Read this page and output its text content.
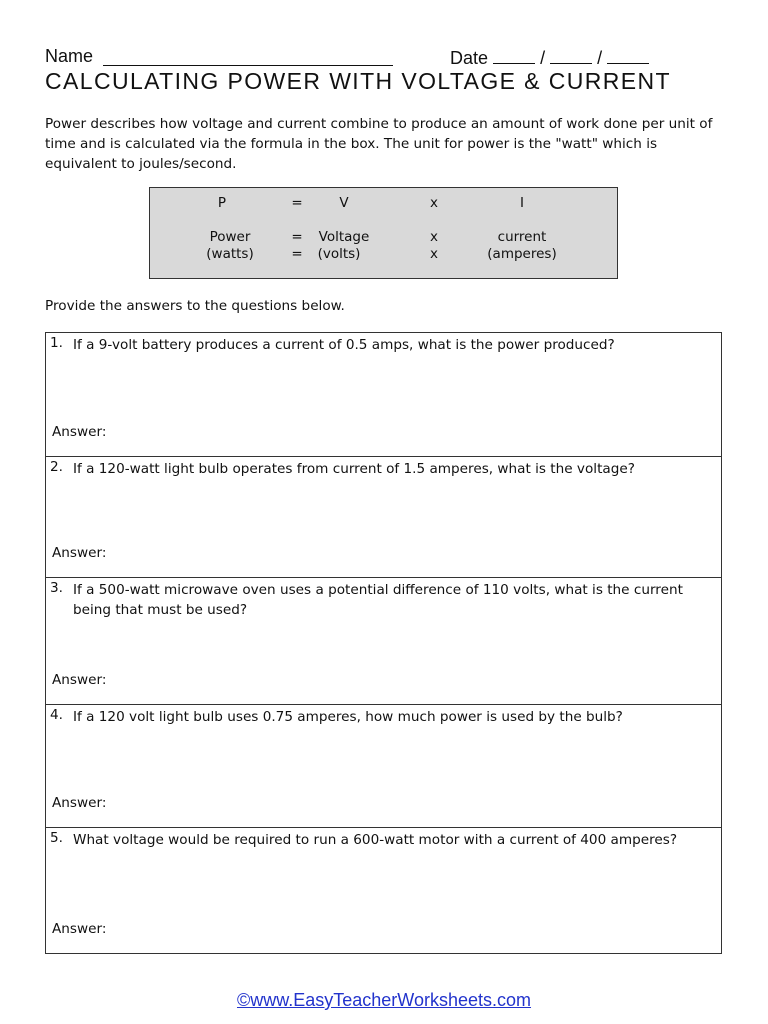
Name	Date	/	/
CALCULATING POWER WITH VOLTAGE & CURRENT
Power describes how voltage and current combine to produce an amount of work done per unit of time and is calculated via the formula in the box. The unit for power is the "watt" which is equivalent to joules/second.
P	=	V	x	I
Power	=	Voltage	x	current
(watts)	= (volts)	x	(amperes)
Provide the answers to the questions below.
1. If a 9-volt battery produces a current of 0.5 amps, what is the power produced?
Answer:
2. If a 120-watt light bulb operates from current of 1.5 amperes, what is the voltage?
Answer:
3. If a 500-watt microwave oven uses a potential difference of 110 volts, what is the current being that must be used?
Answer:
4. If a 120 volt light bulb uses 0.75 amperes, how much power is used by the bulb?
Answer:
5. What voltage would be required to run a 600-watt motor with a current of 400 amperes?
Answer:
©www.EasyTeacherWorksheets.com
